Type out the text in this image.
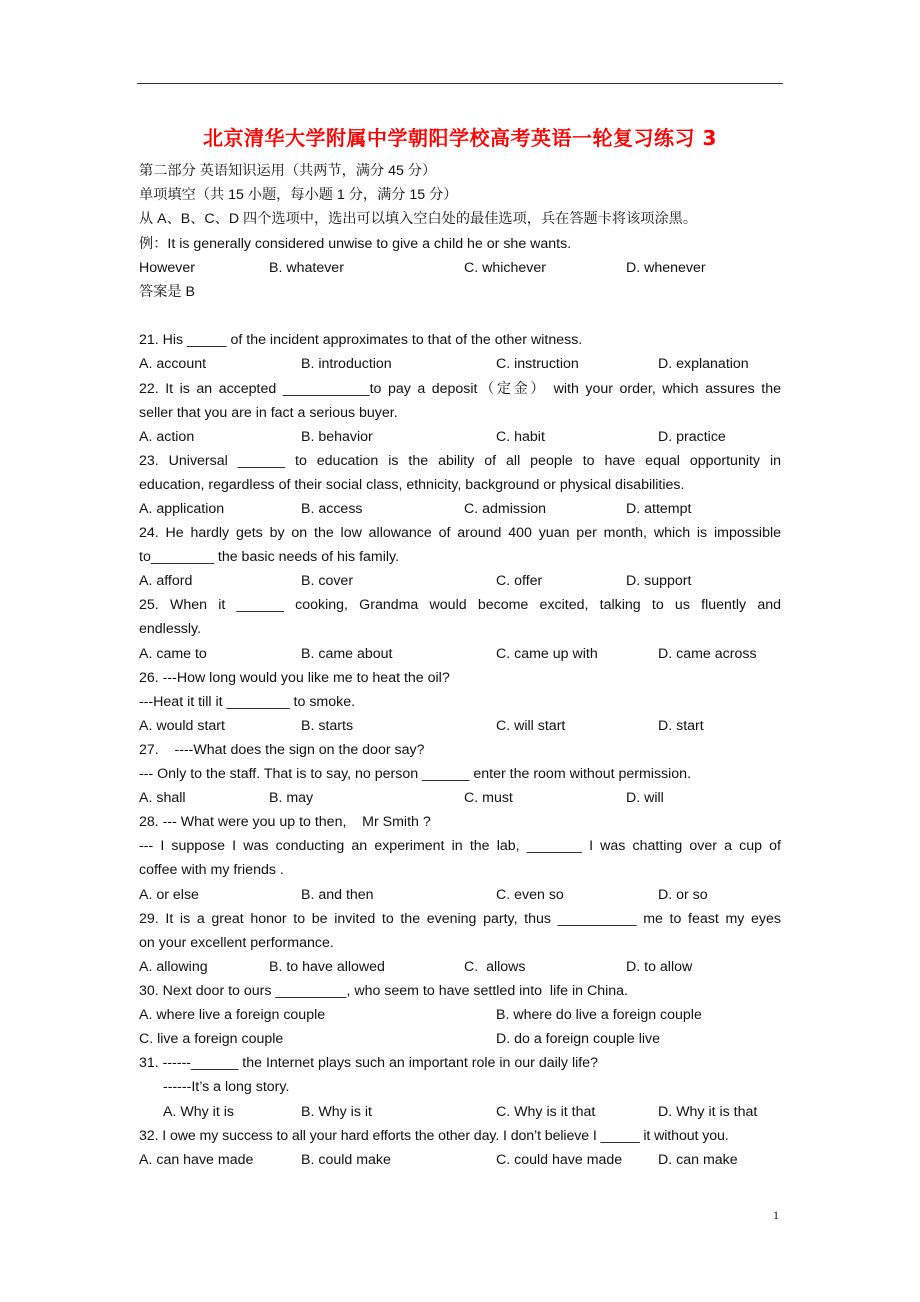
北京清华大学附属中学朝阳学校高考英语一轮复习练习 3
第二部分 英语知识运用（共两节，满分 45 分）
单项填空（共 15 小题，每小题 1 分，满分 15 分）
从 A、B、C、D 四个选项中，选出可以填入空白处的最佳选项，兵在答题卡将该项涂黑。
例：It is generally considered unwise to give a child he or she wants.
However	B. whatever	C. whichever	D. whenever
答案是 B
21. His _____ of the incident approximates to that of the other witness.
A. account	B. introduction	C. instruction	D. explanation
22. It is an accepted ___________to pay a deposit（定金） with your order, which assures the
seller that you are in fact a serious buyer.
A. action	B. behavior	C. habit	D. practice
23. Universal ______ to education is the ability of all people to have equal opportunity in
education, regardless of their social class, ethnicity, background or physical disabilities.
A. application	B. access	C. admission	D. attempt
24. He hardly gets by on the low allowance of around 400 yuan per month, which is impossible
to________ the basic needs of his family.
A. afford	B. cover	C. offer	D. support
25. When it ______ cooking, Grandma would become excited, talking to us fluently and
endlessly.
A. came to	B. came about	C. came up with	D. came across
26. ---How long would you like me to heat the oil?
---Heat it till it ________ to smoke.
A. would start	B. starts	C. will start	D. start
27.    ----What does the sign on the door say?
--- Only to the staff. That is to say, no person ______ enter the room without permission.
A. shall	B. may	C. must	D. will
28. --- What were you up to then,    Mr Smith ?
--- I suppose I was conducting an experiment in the lab, _______ I was chatting over a cup of
coffee with my friends .
A. or else	B. and then	C. even so	D. or so
29. It is a great honor to be invited to the evening party, thus __________ me to feast my eyes
on your excellent performance.
A. allowing	B. to have allowed	C.  allows	D. to allow
30. Next door to ours _________, who seem to have settled into  life in China.
A. where live a foreign couple	B. where do live a foreign couple
C. live a foreign couple	D. do a foreign couple live
31. ------______ the Internet plays such an important role in our daily life?
------It’s a long story.
A. Why it is	B. Why is it	C. Why is it that	D. Why it is that
32. I owe my success to all your hard efforts the other day. I don’t believe I _____ it without you.
A. can have made	B. could make	C. could have made	D. can make
1
